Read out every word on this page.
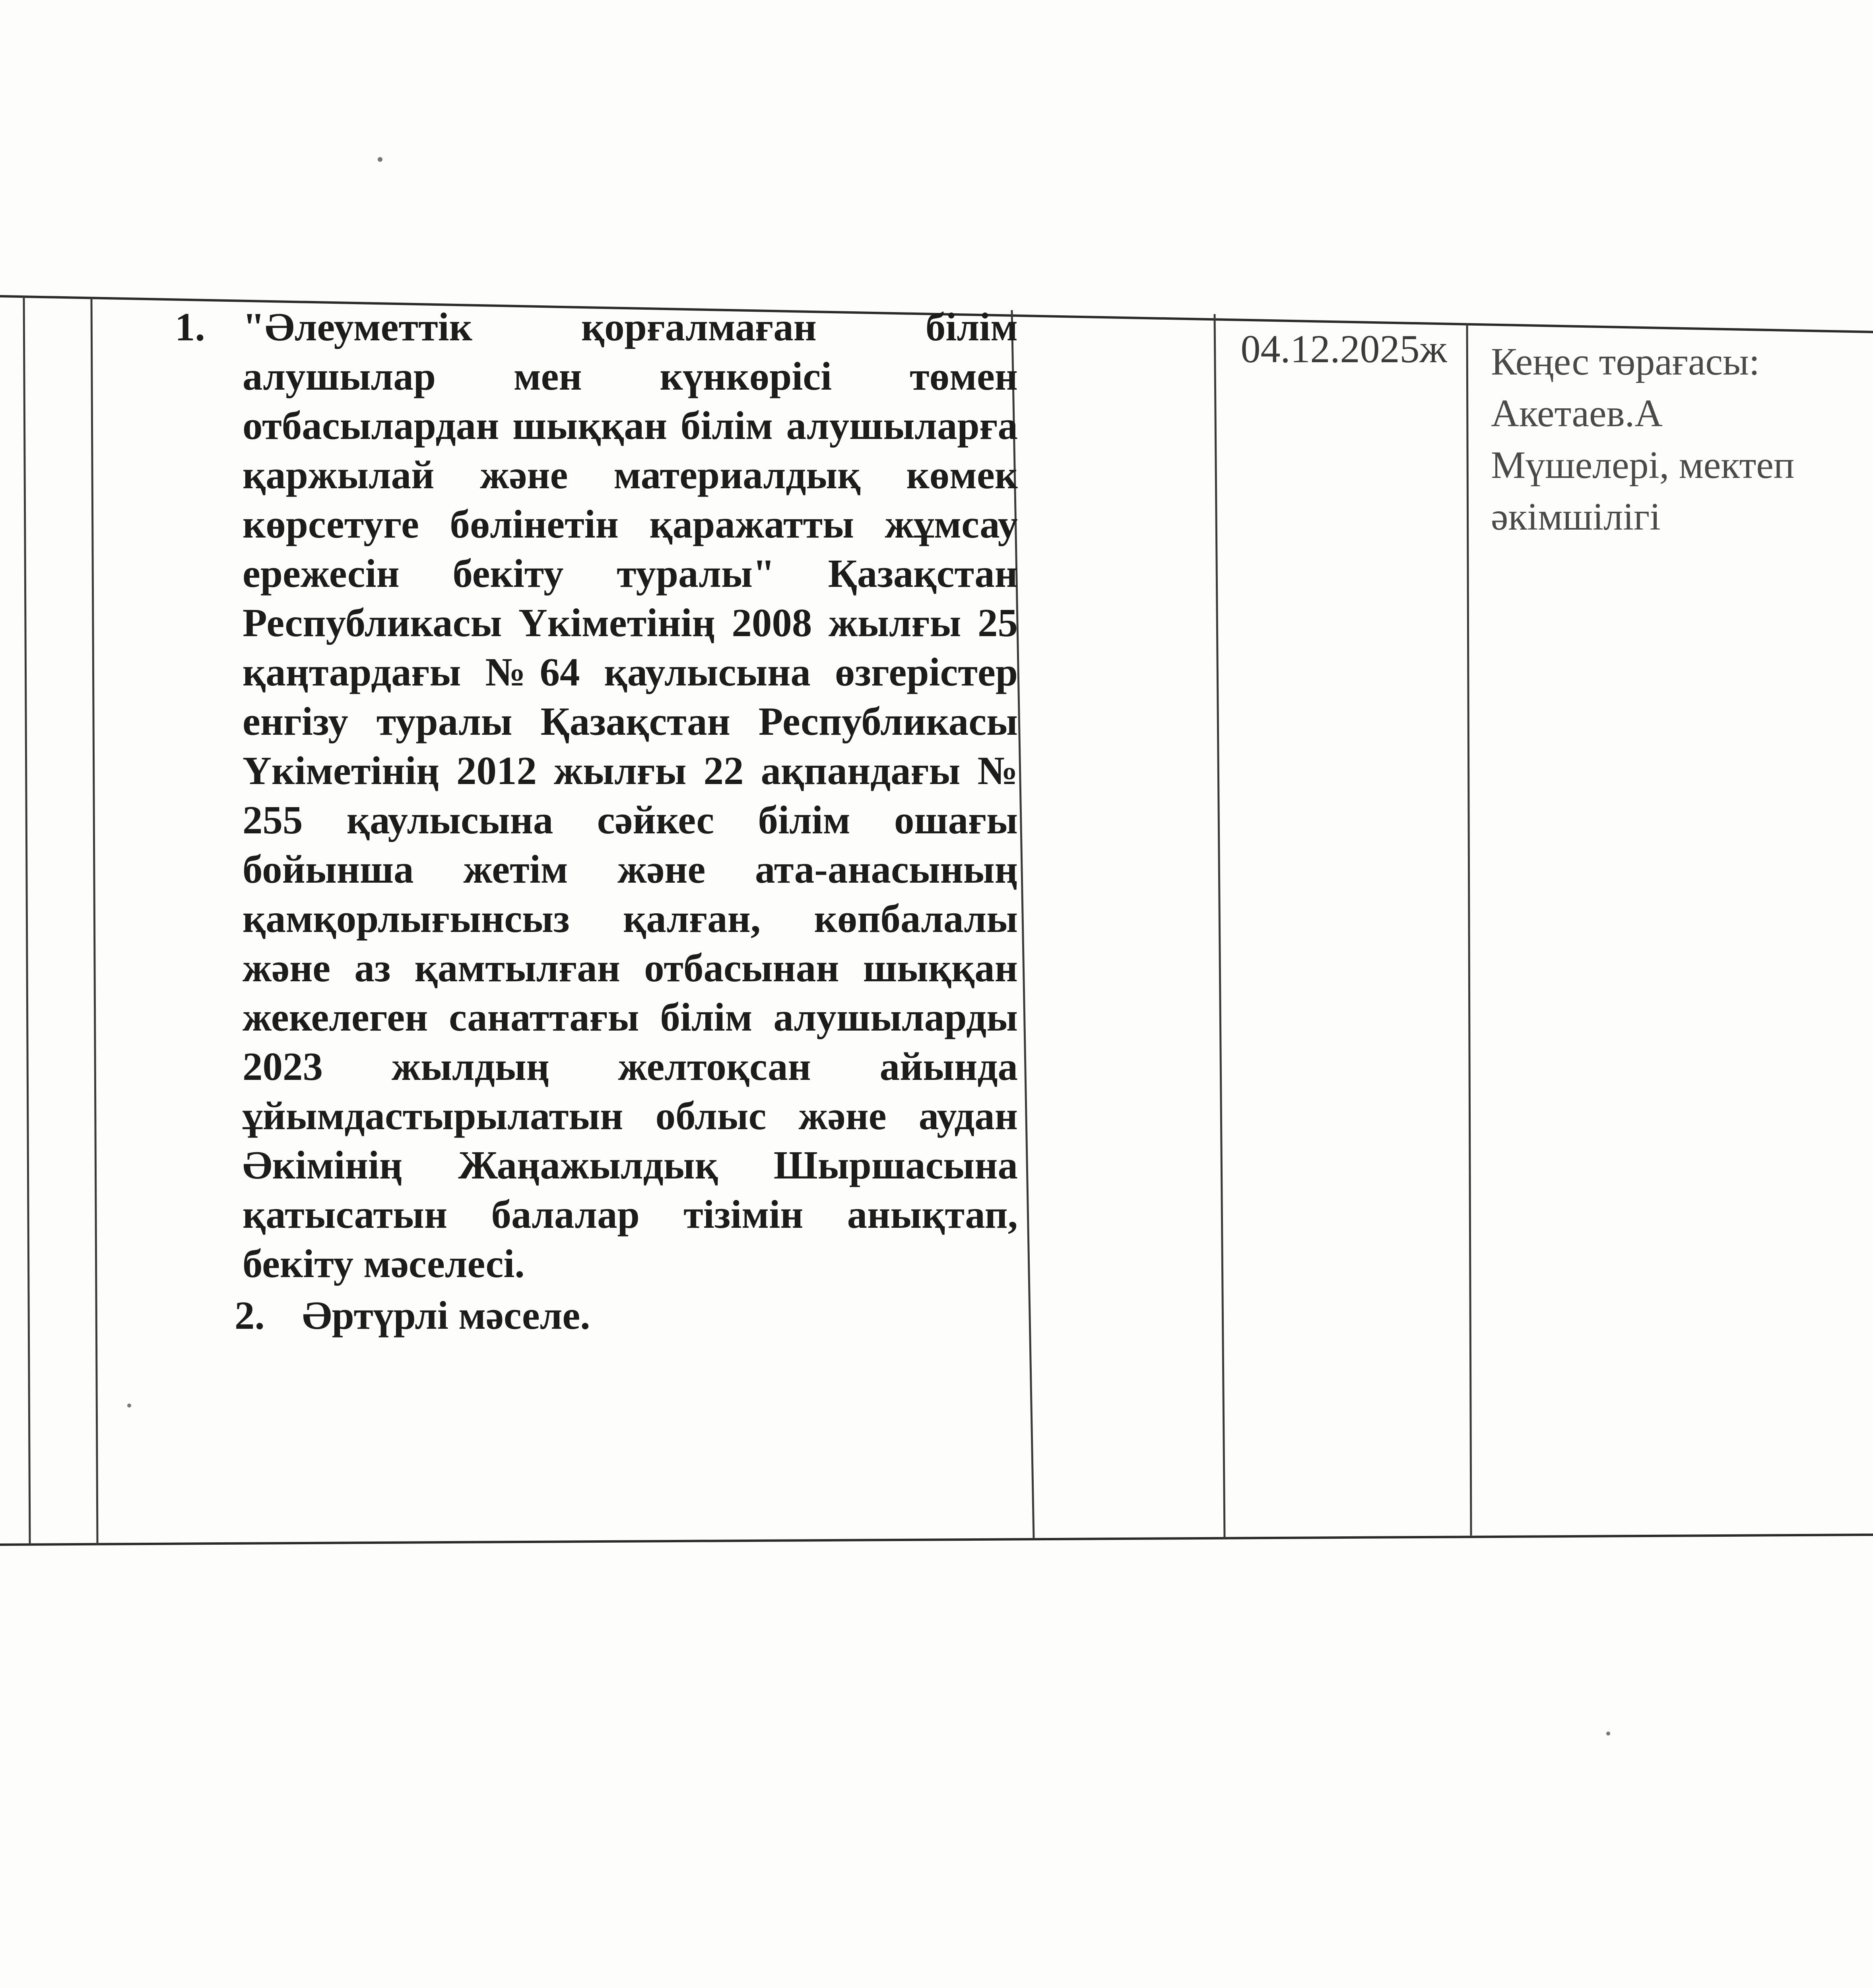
1. "Әлеуметтік қорғалмаған білім алушылар мен күнкөрісі төмен отбасылардан шыққан білім алушыларға қаржылай және материалдық көмек көрсетуге бөлінетін қаражатты жұмсау ережесін бекіту туралы" Қазақстан Республикасы Үкіметінің 2008 жылғы 25 қаңтардағы №64 қаулысына өзгерістер енгізу туралы Қазақстан Республикасы Үкіметінің 2012 жылғы 22 ақпандағы № 255 қаулысына сәйкес білім ошағы бойынша жетім және ата-анасының қамқорлығынсыз қалған, көпбалалы және аз қамтылған отбасынан шыққан жекелеген санаттағы білім алушыларды 2023 жылдың желтоқсан айында ұйымдастырылатын облыс және аудан Әкімінің Жаңажылдық Шыршасына қатысатын балалар тізімін анықтап, бекіту мәселесі.
2. Әртүрлі мәселе.
04.12.2025ж Кеңес төрағасы:
Акетаев.А
Мүшелері, мектеп
әкімшілігі
